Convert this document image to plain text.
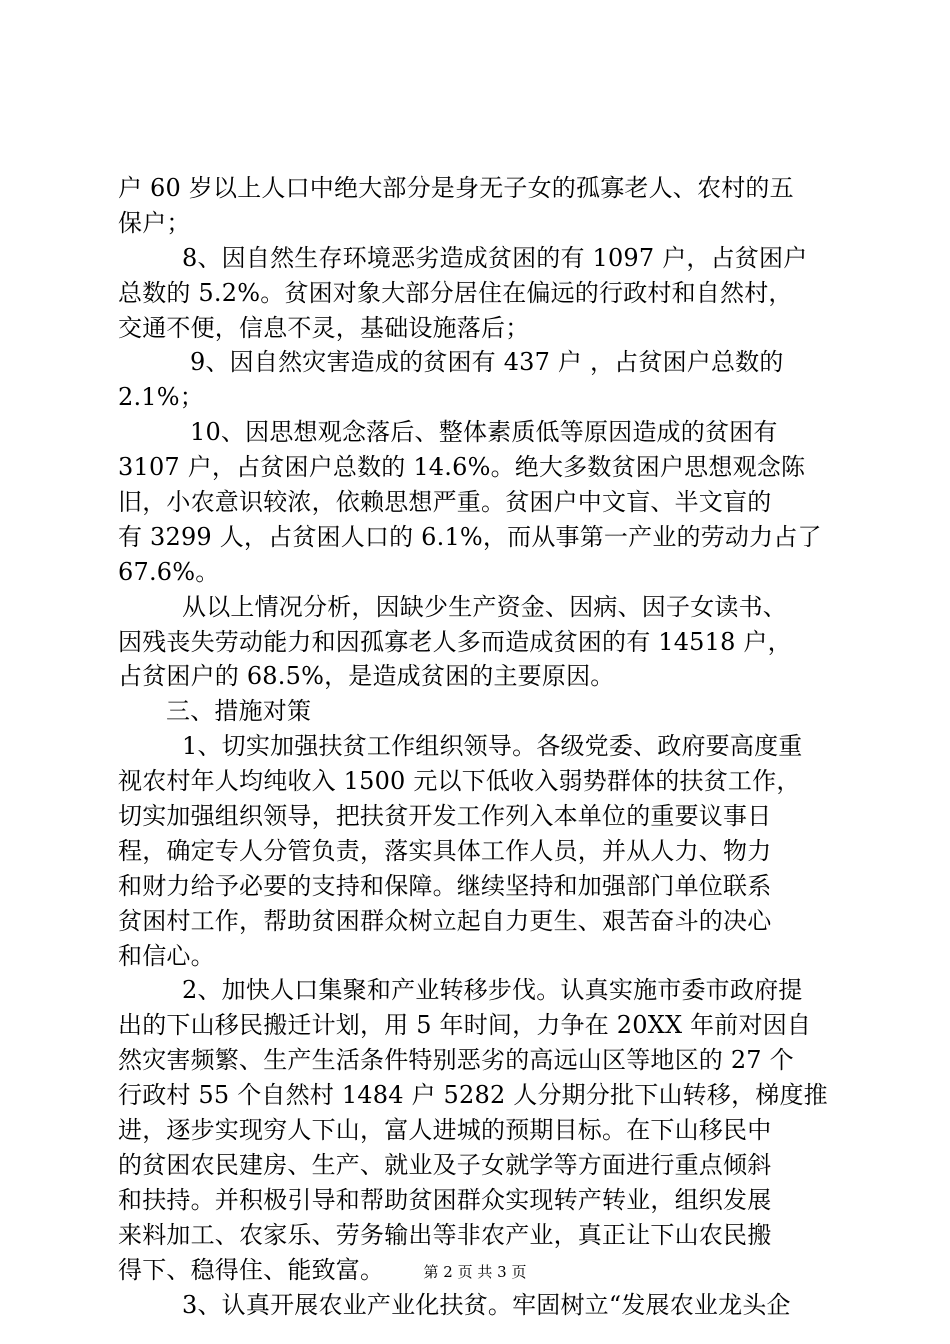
户 60 岁以上人口中绝大部分是身无子女的孤寡老人、农村的五
保户；
8、因自然生存环境恶劣造成贫困的有 1097 户，占贫困户
总数的 5.2%。贫困对象大部分居住在偏远的行政村和自然村，
交通不便，信息不灵，基础设施落后；
9、因自然灾害造成的贫困有 437 户 ，占贫困户总数的
2.1%；
10、因思想观念落后、整体素质低等原因造成的贫困有
3107 户，占贫困户总数的 14.6%。绝大多数贫困户思想观念陈
旧，小农意识较浓，依赖思想严重。贫困户中文盲、半文盲的
有 3299 人，占贫困人口的 6.1%，而从事第一产业的劳动力占了
67.6%。
从以上情况分析，因缺少生产资金、因病、因子女读书、
因残丧失劳动能力和因孤寡老人多而造成贫困的有 14518 户，
占贫困户的 68.5%，是造成贫困的主要原因。
三、措施对策
1、切实加强扶贫工作组织领导。各级党委、政府要高度重
视农村年人均纯收入 1500 元以下低收入弱势群体的扶贫工作，
切实加强组织领导，把扶贫开发工作列入本单位的重要议事日
程，确定专人分管负责，落实具体工作人员，并从人力、物力
和财力给予必要的支持和保障。继续坚持和加强部门单位联系
贫困村工作，帮助贫困群众树立起自力更生、艰苦奋斗的决心
和信心。
2、加快人口集聚和产业转移步伐。认真实施市委市政府提
出的下山移民搬迁计划，用 5 年时间，力争在 20XX 年前对因自
然灾害频繁、生产生活条件特别恶劣的高远山区等地区的 27 个
行政村 55 个自然村 1484 户 5282 人分期分批下山转移，梯度推
进，逐步实现穷人下山，富人进城的预期目标。在下山移民中
的贫困农民建房、生产、就业及子女就学等方面进行重点倾斜
和扶持。并积极引导和帮助贫困群众实现转产转业，组织发展
来料加工、农家乐、劳务输出等非农产业，真正让下山农民搬
得下、稳得住、能致富。
3、认真开展农业产业化扶贫。牢固树立“发展农业龙头企
第 2 页 共 3 页
